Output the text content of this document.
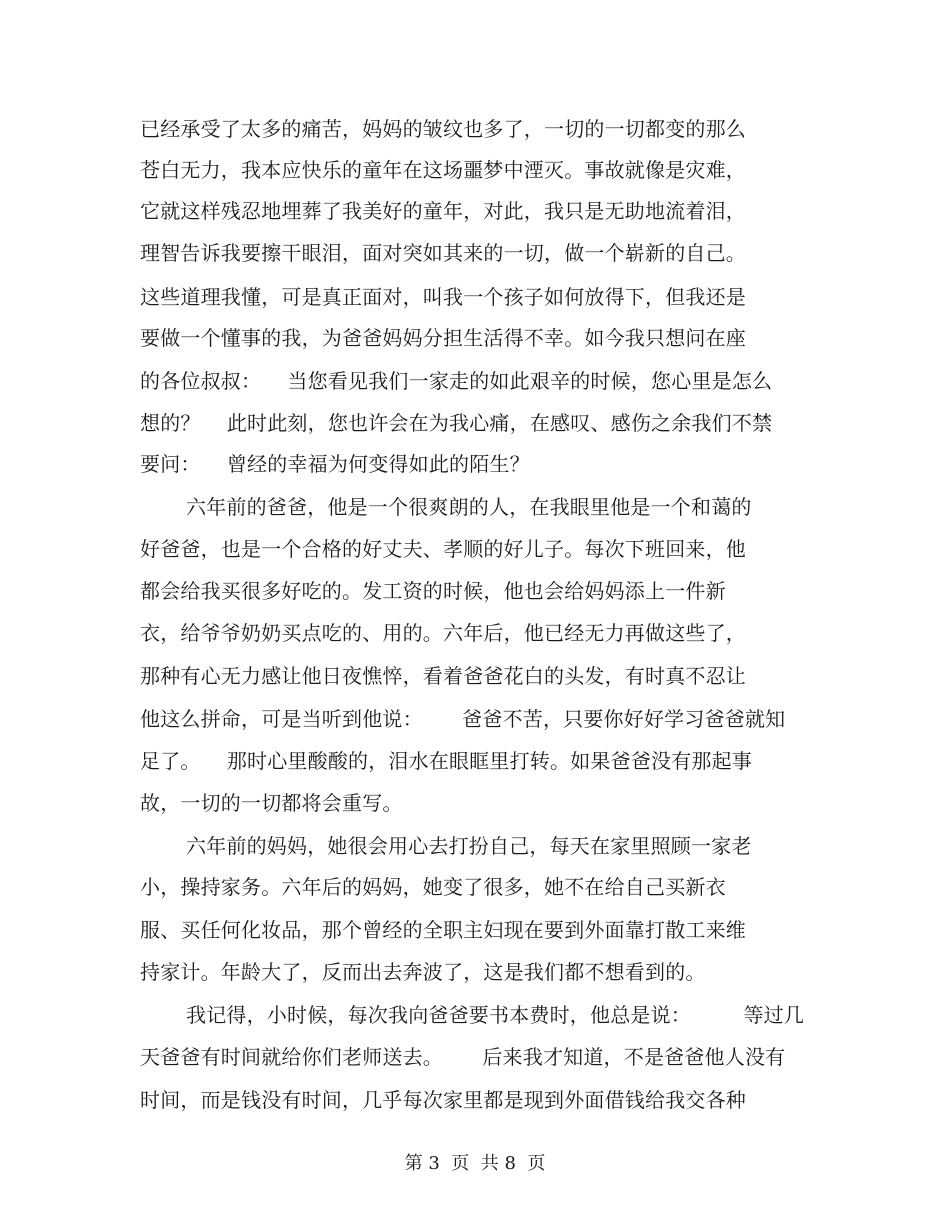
已经承受了太多的痛苦，妈妈的皱纹也多了，一切的一切都变的那么
苍白无力，我本应快乐的童年在这场噩梦中湮灭。事故就像是灾难，
它就这样残忍地埋葬了我美好的童年，对此，我只是无助地流着泪，
理智告诉我要擦干眼泪，面对突如其来的一切，做一个崭新的自己。
这些道理我懂，可是真正面对，叫我一个孩子如何放得下，但我还是
要做一个懂事的我，为爸爸妈妈分担生活得不幸。如今我只想问在座
的各位叔叔：    当您看见我们一家走的如此艰辛的时候，您心里是怎么
想的？    此时此刻，您也许会在为我心痛，在感叹、感伤之余我们不禁
要问：    曾经的幸福为何变得如此的陌生？
六年前的爸爸，他是一个很爽朗的人，在我眼里他是一个和蔼的
好爸爸，也是一个合格的好丈夫、孝顺的好儿子。每次下班回来，他
都会给我买很多好吃的。发工资的时候，他也会给妈妈添上一件新
衣，给爷爷奶奶买点吃的、用的。六年后，他已经无力再做这些了，
那种有心无力感让他日夜憔悴，看着爸爸花白的头发，有时真不忍让
他这么拼命，可是当听到他说：      爸爸不苦，只要你好好学习爸爸就知
足了。    那时心里酸酸的，泪水在眼眶里打转。如果爸爸没有那起事
故，一切的一切都将会重写。
六年前的妈妈，她很会用心去打扮自己，每天在家里照顾一家老
小，操持家务。六年后的妈妈，她变了很多，她不在给自己买新衣
服、买任何化妆品，那个曾经的全职主妇现在要到外面靠打散工来维
持家计。年龄大了，反而出去奔波了，这是我们都不想看到的。
我记得，小时候，每次我向爸爸要书本费时，他总是说：        等过几
天爸爸有时间就给你们老师送去。      后来我才知道，不是爸爸他人没有
时间，而是钱没有时间，几乎每次家里都是现到外面借钱给我交各种
第 3  页  共 8  页
